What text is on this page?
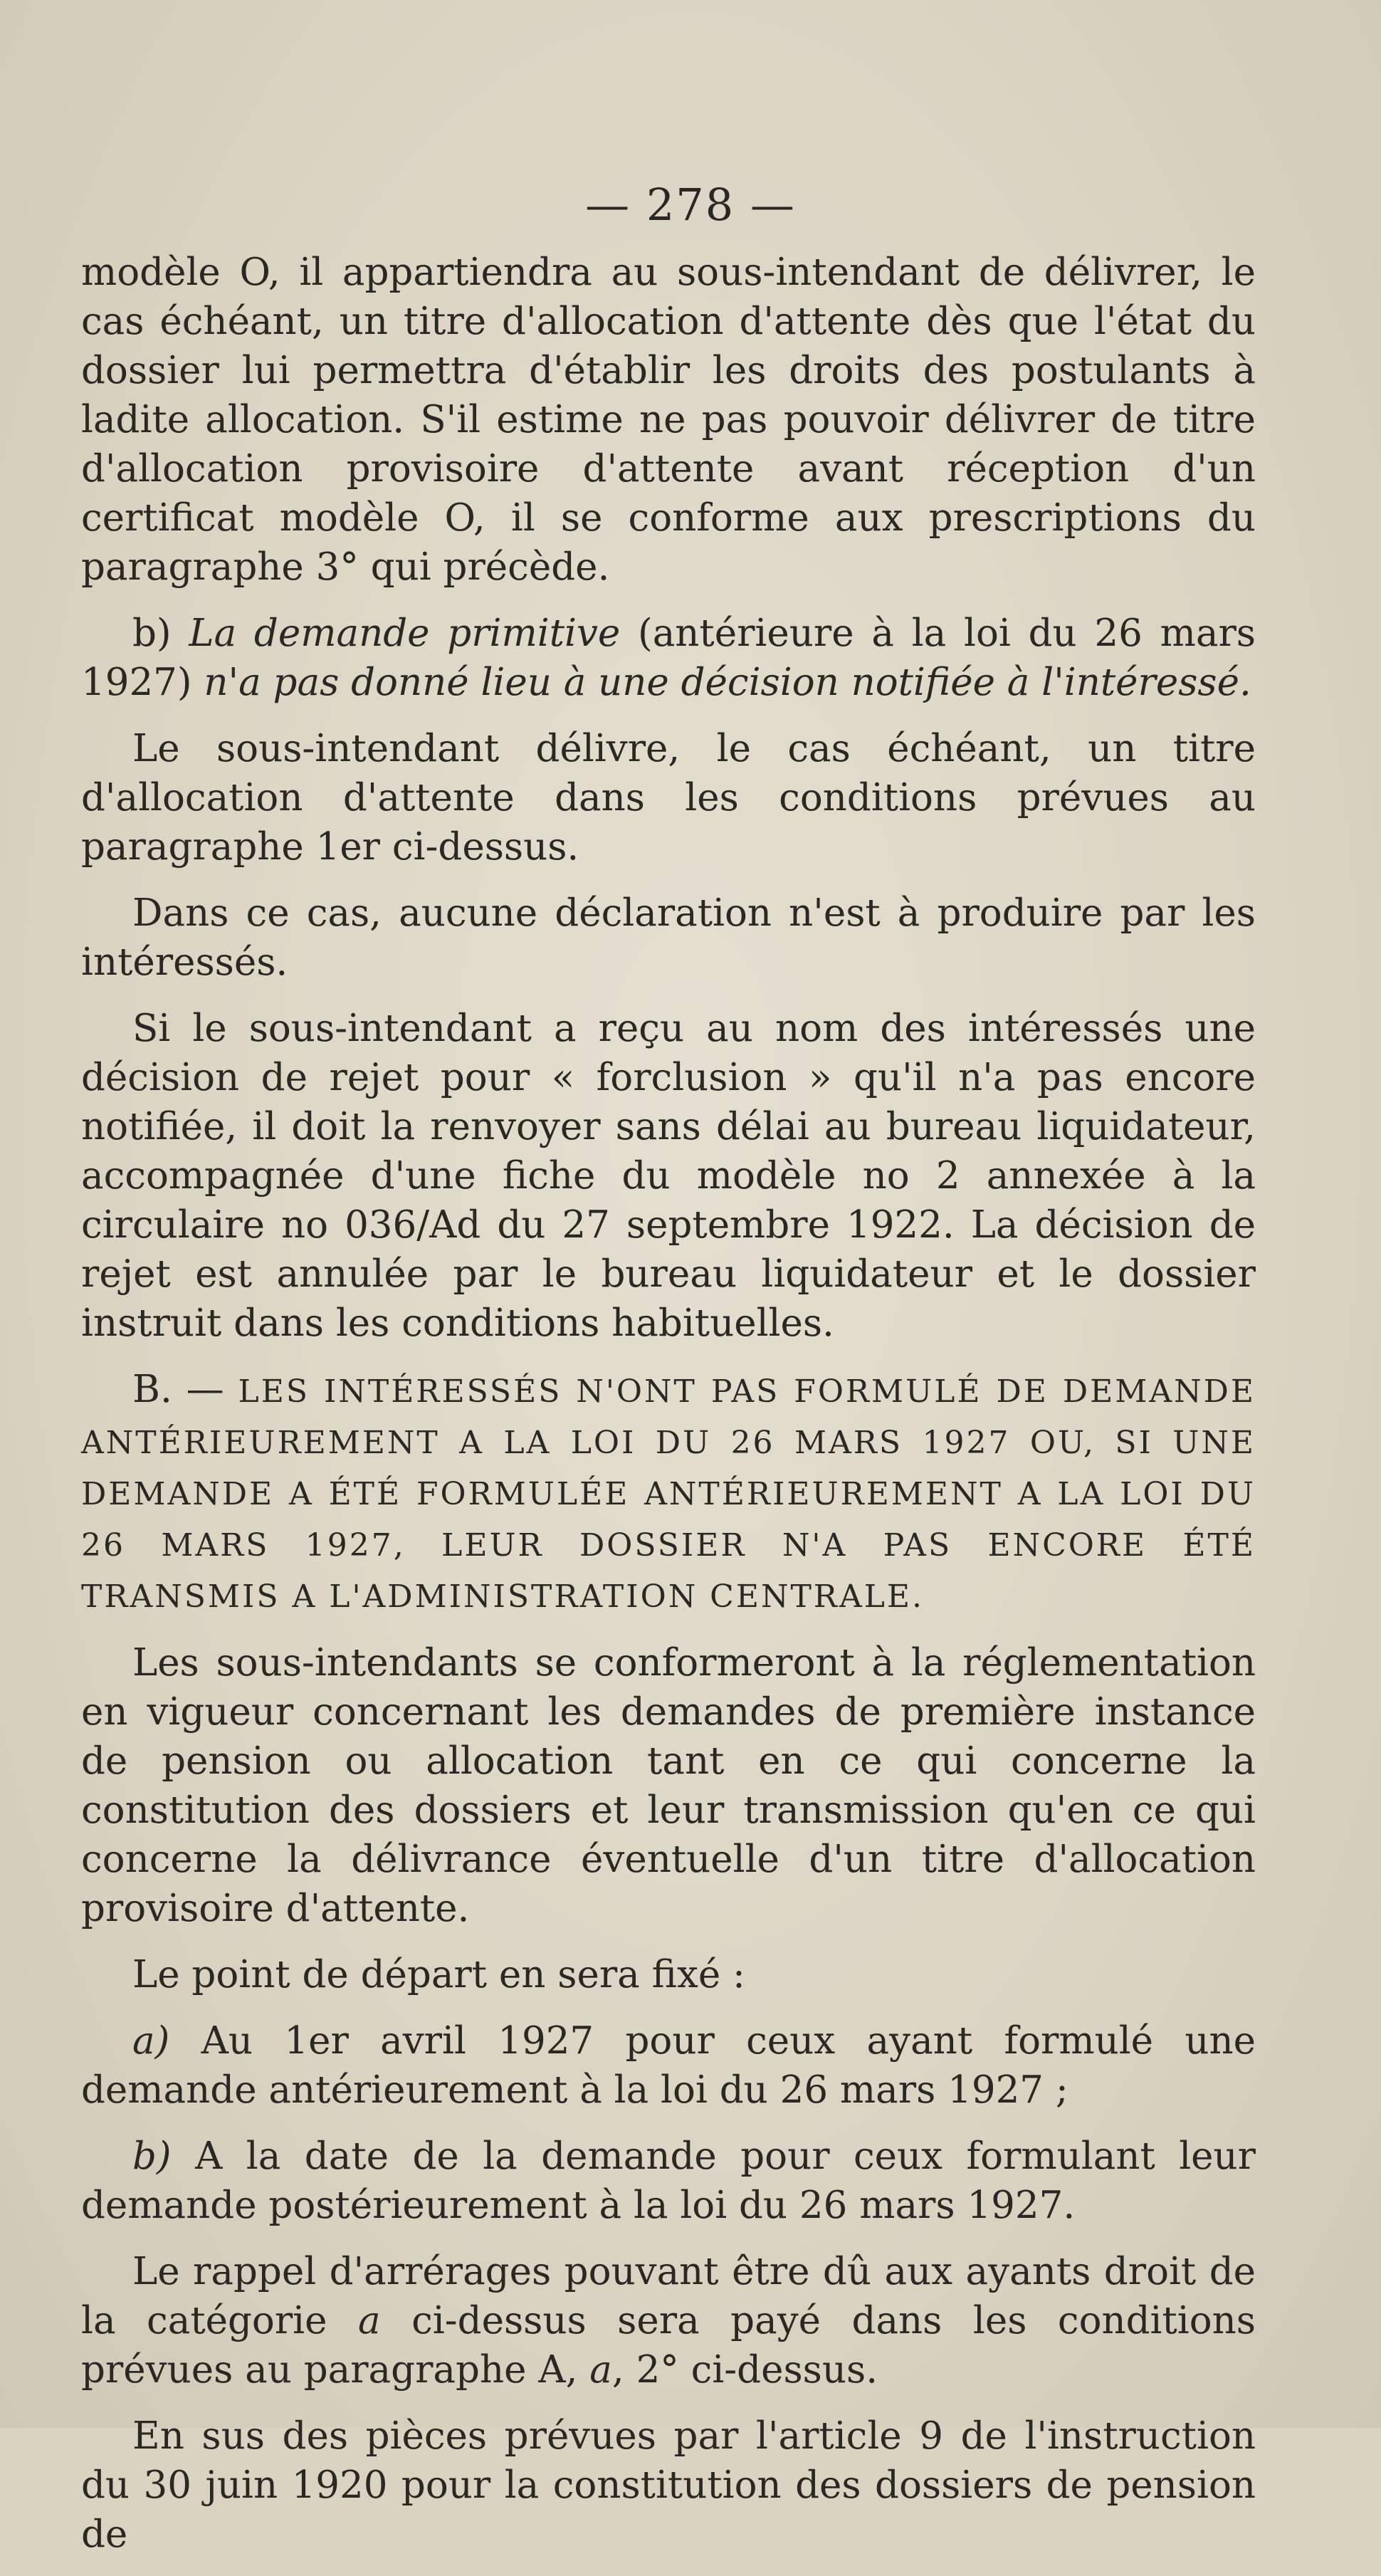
— 278 —

modèle O, il appartiendra au sous-intendant de délivrer, le cas échéant, un titre d'allocation d'attente dès que l'état du dossier lui permettra d'établir les droits des postulants à ladite allocation. S'il estime ne pas pouvoir délivrer de titre d'allocation provisoire d'attente avant réception d'un certificat modèle O, il se conforme aux prescriptions du paragraphe 3° qui précède.

b) La demande primitive (antérieure à la loi du 26 mars 1927) n'a pas donné lieu à une décision notifiée à l'intéressé.

Le sous-intendant délivre, le cas échéant, un titre d'allocation d'attente dans les conditions prévues au paragraphe 1er ci-dessus.

Dans ce cas, aucune déclaration n'est à produire par les intéressés.

Si le sous-intendant a reçu au nom des intéressés une décision de rejet pour « forclusion » qu'il n'a pas encore notifiée, il doit la renvoyer sans délai au bureau liquidateur, accompagnée d'une fiche du modèle no 2 annexée à la circulaire no 036/Ad du 27 septembre 1922. La décision de rejet est annulée par le bureau liquidateur et le dossier instruit dans les conditions habituelles.

B. — LES INTÉRESSÉS N'ONT PAS FORMULÉ DE DEMANDE ANTÉRIEUREMENT A LA LOI DU 26 MARS 1927 OU, SI UNE DEMANDE A ÉTÉ FORMULÉE ANTÉRIEUREMENT A LA LOI DU 26 MARS 1927, LEUR DOSSIER N'A PAS ENCORE ÉTÉ TRANSMIS A L'ADMINISTRATION CENTRALE.

Les sous-intendants se conformeront à la réglementation en vigueur concernant les demandes de première instance de pension ou allocation tant en ce qui concerne la constitution des dossiers et leur transmission qu'en ce qui concerne la délivrance éventuelle d'un titre d'allocation provisoire d'attente.

Le point de départ en sera fixé :

a) Au 1er avril 1927 pour ceux ayant formulé une demande antérieurement à la loi du 26 mars 1927 ;

b) A la date de la demande pour ceux formulant leur demande postérieurement à la loi du 26 mars 1927.

Le rappel d'arrérages pouvant être dû aux ayants droit de la catégorie a ci-dessus sera payé dans les conditions prévues au paragraphe A, a, 2° ci-dessus.

En sus des pièces prévues par l'article 9 de l'instruction du 30 juin 1920 pour la constitution des dossiers de pension de
